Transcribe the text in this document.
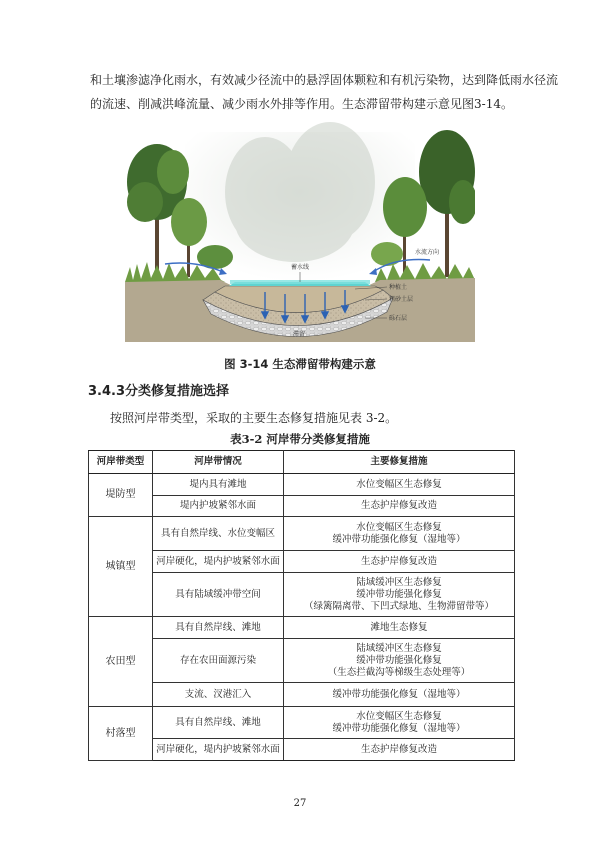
和土壤渗滤净化雨水，有效减少径流中的悬浮固体颗粒和有机污染物，达到降低雨水径流
的流速、削减洪峰流量、减少雨水外排等作用。生态滞留带构建示意见图3-14。

蓄水线
水流方向
种植土
粗砂土层
砾石层
滞留
图 3-14 生态滞留带构建示意
3.4.3分类修复措施选择
按照河岸带类型，采取的主要生态修复措施见表 3-2。
表3-2 河岸带分类修复措施
河岸带类型	河岸带情况	主要修复措施
堤防型	堤内具有滩地	水位变幅区生态修复

	堤内护坡紧邻水面	生态护岸修复改造

城镇型	具有自然岸线、水位变幅区	水位变幅区生态修复
缓冲带功能强化修复（湿地等）

	河岸硬化，堤内护坡紧邻水面	生态护岸修复改造

	具有陆域缓冲带空间	陆域缓冲区生态修复
缓冲带功能强化修复
（绿篱隔离带、下凹式绿地、生物滞留带等）

农田型	具有自然岸线、滩地	滩地生态修复

	存在农田面源污染	陆域缓冲区生态修复
缓冲带功能强化修复
（生态拦截沟等梯级生态处理等）

	支流、汊港汇入	缓冲带功能强化修复（湿地等）

村落型	具有自然岸线、滩地	水位变幅区生态修复
缓冲带功能强化修复（湿地等）

	河岸硬化，堤内护坡紧邻水面	生态护岸修复改造
27
